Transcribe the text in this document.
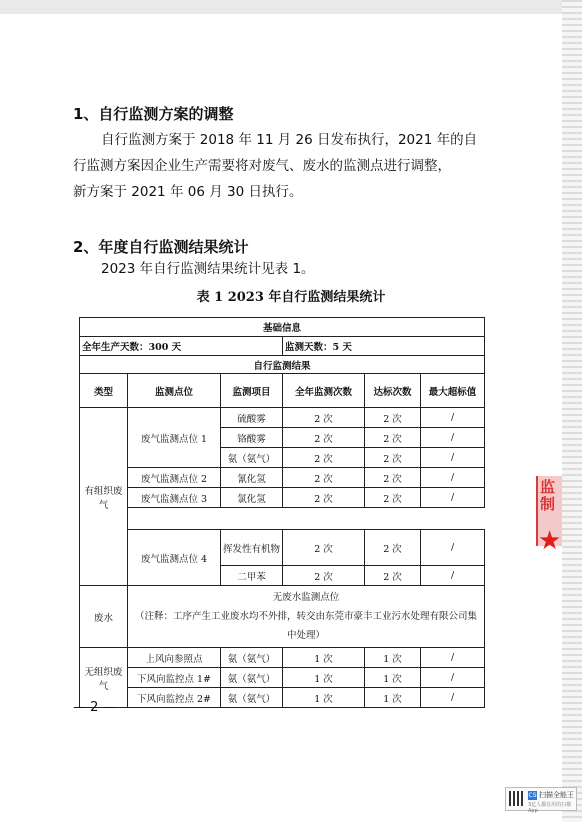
1、自行监测方案的调整
自行监测方案于 2018 年 11 月 26 日发布执行，2021 年的自
行监测方案因企业生产需要将对废气、废水的监测点进行调整，
新方案于 2021 年 06 月 30 日执行。
2、年度自行监测结果统计
2023 年自行监测结果统计见表 1。
表 1 2023 年自行监测结果统计
基础信息					
全年生产天数：300 天			监测天数：5 天		
自行监测结果					
类型	监测点位	监测项目	全年监测次数	达标次数	最大超标值
有组织废气	废气监测点位 1	硫酸雾	2 次	2 次	/
		铬酸雾	2 次	2 次	/
		氨（氨气）	2 次	2 次	/
	废气监测点位 2	氰化氢	2 次	2 次	/
	废气监测点位 3	氯化氢	2 次	2 次	/

	废气监测点位 4	挥发性有机物	2 次	2 次	/
		二甲苯	2 次	2 次	/
废水	无废水监测点位
（注释：工序产生工业废水均不外排，转交由东莞市豪丰工业污水处理有限公司集中处理）				

无组织废气	上风向参照点	氨（氨气）	1 次	1 次	/
	下风向监控点 1#	氨（氨气）	1 次	1 次	/
	下风向监控点 2#	氨（氨气）	1 次	1 次	/
监制
★
— 2 —
CS 扫描全能王
3亿人都在用的扫描App
